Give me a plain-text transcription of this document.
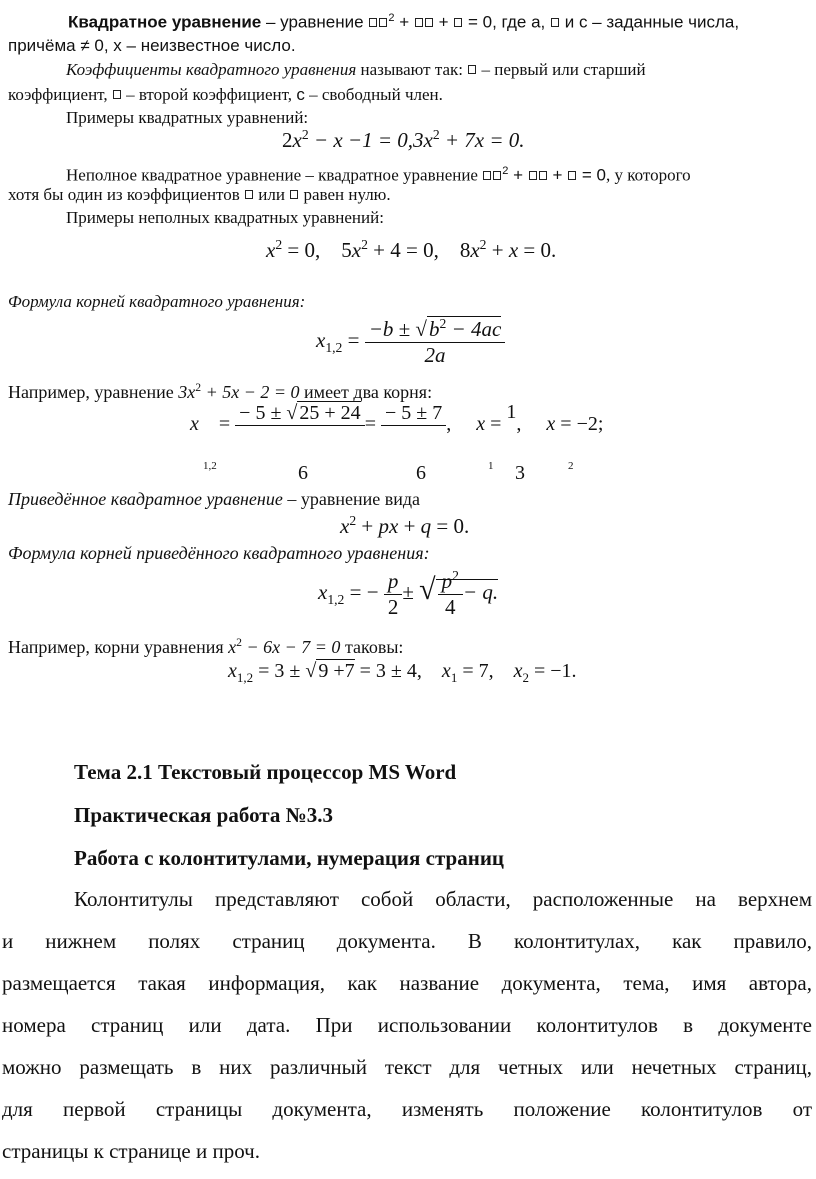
Квадратное уравнение – уравнение $^2$ +  +  = 0, где а,  и с – заданные числа,
причёма ≠ 0, х – неизвестное число.
Коэффициенты квадратного уравнения называют так:  – первый или старший
коэффициент,  – второй коэффициент, с – свободный член.
Примеры квадратных уравнений:
2x$^2$ − x −1 = 0,3x$^2$ + 7x = 0.
Неполное квадратное уравнение – квадратное уравнение $^2$ +  +  = 0, у которого
хотя бы один из коэффициентов  или  равен нулю.
Примеры неполных квадратных уравнений:
x$^2$ = 0,    5x$^2$ + 4 = 0,    8x$^2$ + x = 0.
Формула корней квадратного уравнения:
$x_{1,2} = \frac{-b \pm √b^2 - 4ac}{2a}$
Например, уравнение 3x$^2$ + 5x − 2 = 0 имеет два корня:
x    =
− 5 ± √ 25 + 24

=
− 5 ± 7

,     x = 1,     x = −2;
1,2	6	6	1 3	2
Приведённое квадратное уравнение – уравнение вида
x$^2$ + px + q = 0.
Формула корней приведённого квадратного уравнения:
$x_{1,2}$ = − $\frac{p}{2}$ ± √ $\frac{p^2}{4} - q$.
Например, корни уравнения x$^2$ − 6x − 7 = 0 таковы:
$x_{1,2} = 3$ ± √ 9 +7 = 3 ± 4,    $x_1 = 7$,    $x_2 = -1$.
Тема 2.1 Текстовый процессор MS Word
Практическая работа №3.3
Работа с колонтитулами, нумерация страниц
Колонтитулы представляют собой области, расположенные на верхнем
и нижнем полях страниц документа. В колонтитулах, как правило,
размещается такая информация, как название документа, тема, имя автора,
номера страниц или дата. При использовании колонтитулов в документе
можно размещать в них различный текст для четных или нечетных страниц,
для первой страницы документа, изменять положение колонтитулов от
страницы к странице и проч.
